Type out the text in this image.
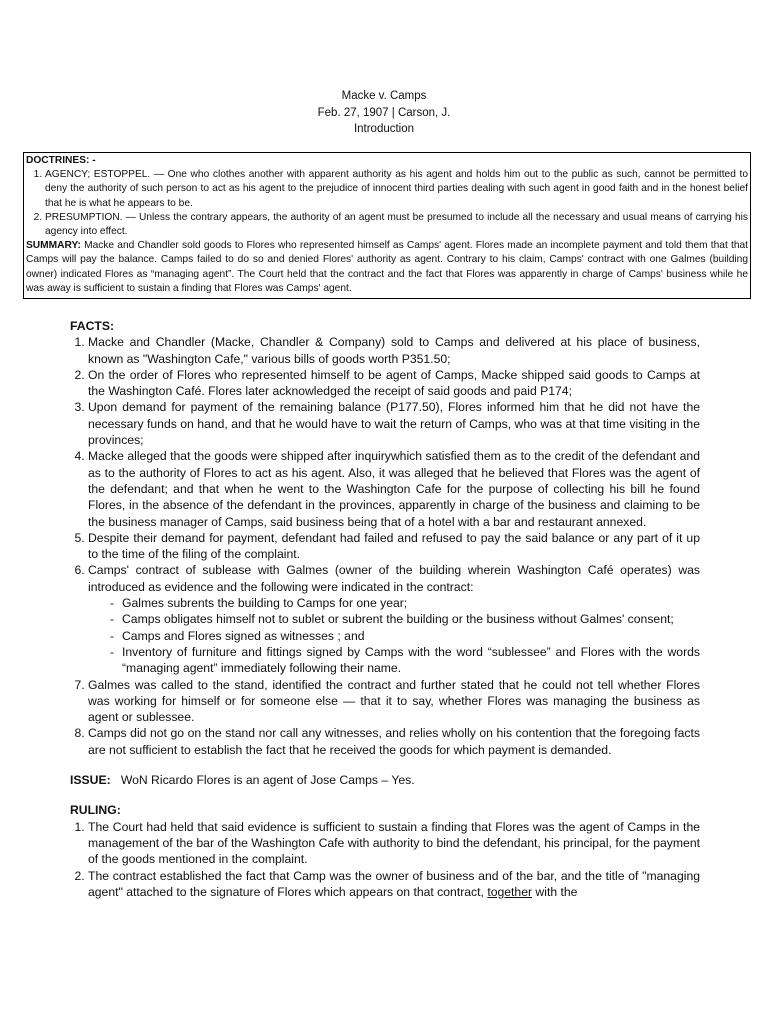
Macke v. Camps
Feb. 27, 1907 | Carson, J.
Introduction
DOCTRINES: -
1. AGENCY; ESTOPPEL. — One who clothes another with apparent authority as his agent and holds him out to the public as such, cannot be permitted to deny the authority of such person to act as his agent to the prejudice of innocent third parties dealing with such agent in good faith and in the honest belief that he is what he appears to be.
2. PRESUMPTION. — Unless the contrary appears, the authority of an agent must be presumed to include all the necessary and usual means of carrying his agency into effect.
SUMMARY: Macke and Chandler sold goods to Flores who represented himself as Camps' agent. Flores made an incomplete payment and told them that that Camps will pay the balance. Camps failed to do so and denied Flores' authority as agent. Contrary to his claim, Camps' contract with one Galmes (building owner) indicated Flores as “managing agent”. The Court held that the contract and the fact that Flores was apparently in charge of Camps' business while he was away is sufficient to sustain a finding that Flores was Camps' agent.
FACTS:
1. Macke and Chandler (Macke, Chandler & Company) sold to Camps and delivered at his place of business, known as "Washington Cafe," various bills of goods worth P351.50;
2. On the order of Flores who represented himself to be agent of Camps, Macke shipped said goods to Camps at the Washington Café. Flores later acknowledged the receipt of said goods and paid P174;
3. Upon demand for payment of the remaining balance (P177.50), Flores informed him that he did not have the necessary funds on hand, and that he would have to wait the return of Camps, who was at that time visiting in the provinces;
4. Macke alleged that the goods were shipped after inquirywhich satisfied them as to the credit of the defendant and as to the authority of Flores to act as his agent. Also, it was alleged that he believed that Flores was the agent of the defendant; and that when he went to the Washington Cafe for the purpose of collecting his bill he found Flores, in the absence of the defendant in the provinces, apparently in charge of the business and claiming to be the business manager of Camps, said business being that of a hotel with a bar and restaurant annexed.
5. Despite their demand for payment, defendant had failed and refused to pay the said balance or any part of it up to the time of the filing of the complaint.
6. Camps' contract of sublease with Galmes (owner of the building wherein Washington Café operates) was introduced as evidence and the following were indicated in the contract:
- Galmes subrents the building to Camps for one year;
- Camps obligates himself not to sublet or subrent the building or the business without Galmes' consent;
- Camps and Flores signed as witnesses ; and
- Inventory of furniture and fittings signed by Camps with the word “sublessee” and Flores with the words “managing agent” immediately following their name.
7. Galmes was called to the stand, identified the contract and further stated that he could not tell whether Flores was working for himself or for someone else — that it to say, whether Flores was managing the business as agent or sublessee.
8. Camps did not go on the stand nor call any witnesses, and relies wholly on his contention that the foregoing facts are not sufficient to establish the fact that he received the goods for which payment is demanded.
ISSUE: WoN Ricardo Flores is an agent of Jose Camps – Yes.
RULING:
1. The Court had held that said evidence is sufficient to sustain a finding that Flores was the agent of Camps in the management of the bar of the Washington Cafe with authority to bind the defendant, his principal, for the payment of the goods mentioned in the complaint.
2. The contract established the fact that Camp was the owner of business and of the bar, and the title of "managing agent" attached to the signature of Flores which appears on that contract, together with the
